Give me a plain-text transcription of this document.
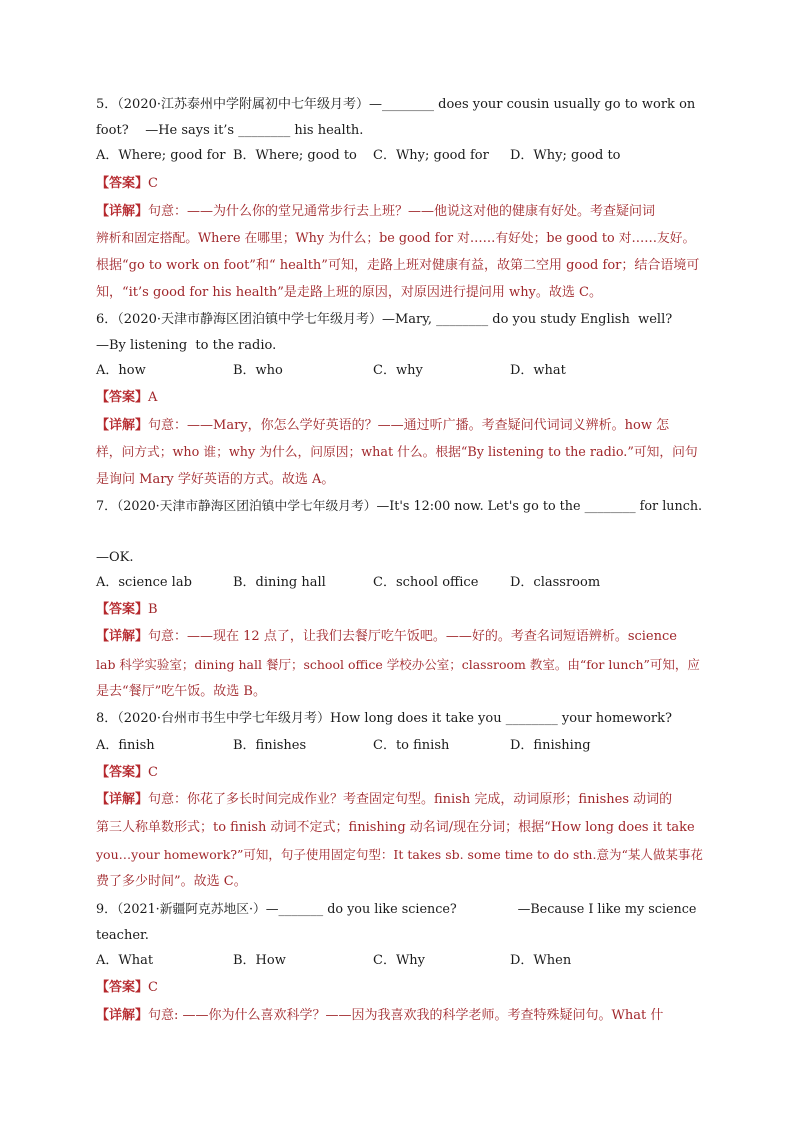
5．（2020·江苏泰州中学附属初中七年级月考）—________ does your cousin usually go to work on

foot?    —He says it’s ________ his health.

A．Where; good for B．Where; good to C．Why; good for D．Why; good to

【答案】C

【详解】句意：——为什么你的堂兄通常步行去上班？——他说这对他的健康有好处。考查疑问词

辨析和固定搭配。Where 在哪里；Why 为什么；be good for 对……有好处；be good to 对……友好。

根据“go to work on foot”和“ health”可知，走路上班对健康有益，故第二空用 good for；结合语境可

知，“it’s good for his health”是走路上班的原因，对原因进行提问用 why。故选 C。

6．（2020·天津市静海区团泊镇中学七年级月考）—Mary, ________ do you study English  well?

—By listening  to the radio.

A．how	B．who	C．why	D．what

【答案】A

【详解】句意：——Mary，你怎么学好英语的？——通过听广播。考查疑问代词词义辨析。how 怎

样，问方式；who 谁；why 为什么，问原因；what 什么。根据“By listening to the radio.”可知，问句

是询问 Mary 学好英语的方式。故选 A。

7．（2020·天津市静海区团泊镇中学七年级月考）—It's 12:00 now. Let's go to the ________ for lunch.

—OK.

A．science lab	B．dining hall	C．school office D．classroom

【答案】B

【详解】句意：——现在 12 点了，让我们去餐厅吃午饭吧。——好的。考查名词短语辨析。science

lab 科学实验室；dining hall 餐厅；school office 学校办公室；classroom 教室。由“for lunch”可知，应

是去“餐厅”吃午饭。故选 B。

8．（2020·台州市书生中学七年级月考）How long does it take you ________ your homework?

A．finish	B．finishes	C．to finish	D．finishing

【答案】C

【详解】句意：你花了多长时间完成作业？考查固定句型。finish 完成，动词原形；finishes 动词的

第三人称单数形式；to finish 动词不定式；finishing 动名词/现在分词；根据“How long does it take

you…your homework?”可知，句子使用固定句型：It takes sb. some time to do sth.意为“某人做某事花

费了多少时间”。故选 C。

9．（2021·新疆阿克苏地区·）—_______ do you like science?               —Because I like my science

teacher.

A．What	B．How	C．Why	D．When

【答案】C

【详解】句意: ——你为什么喜欢科学？——因为我喜欢我的科学老师。考查特殊疑问句。What 什
